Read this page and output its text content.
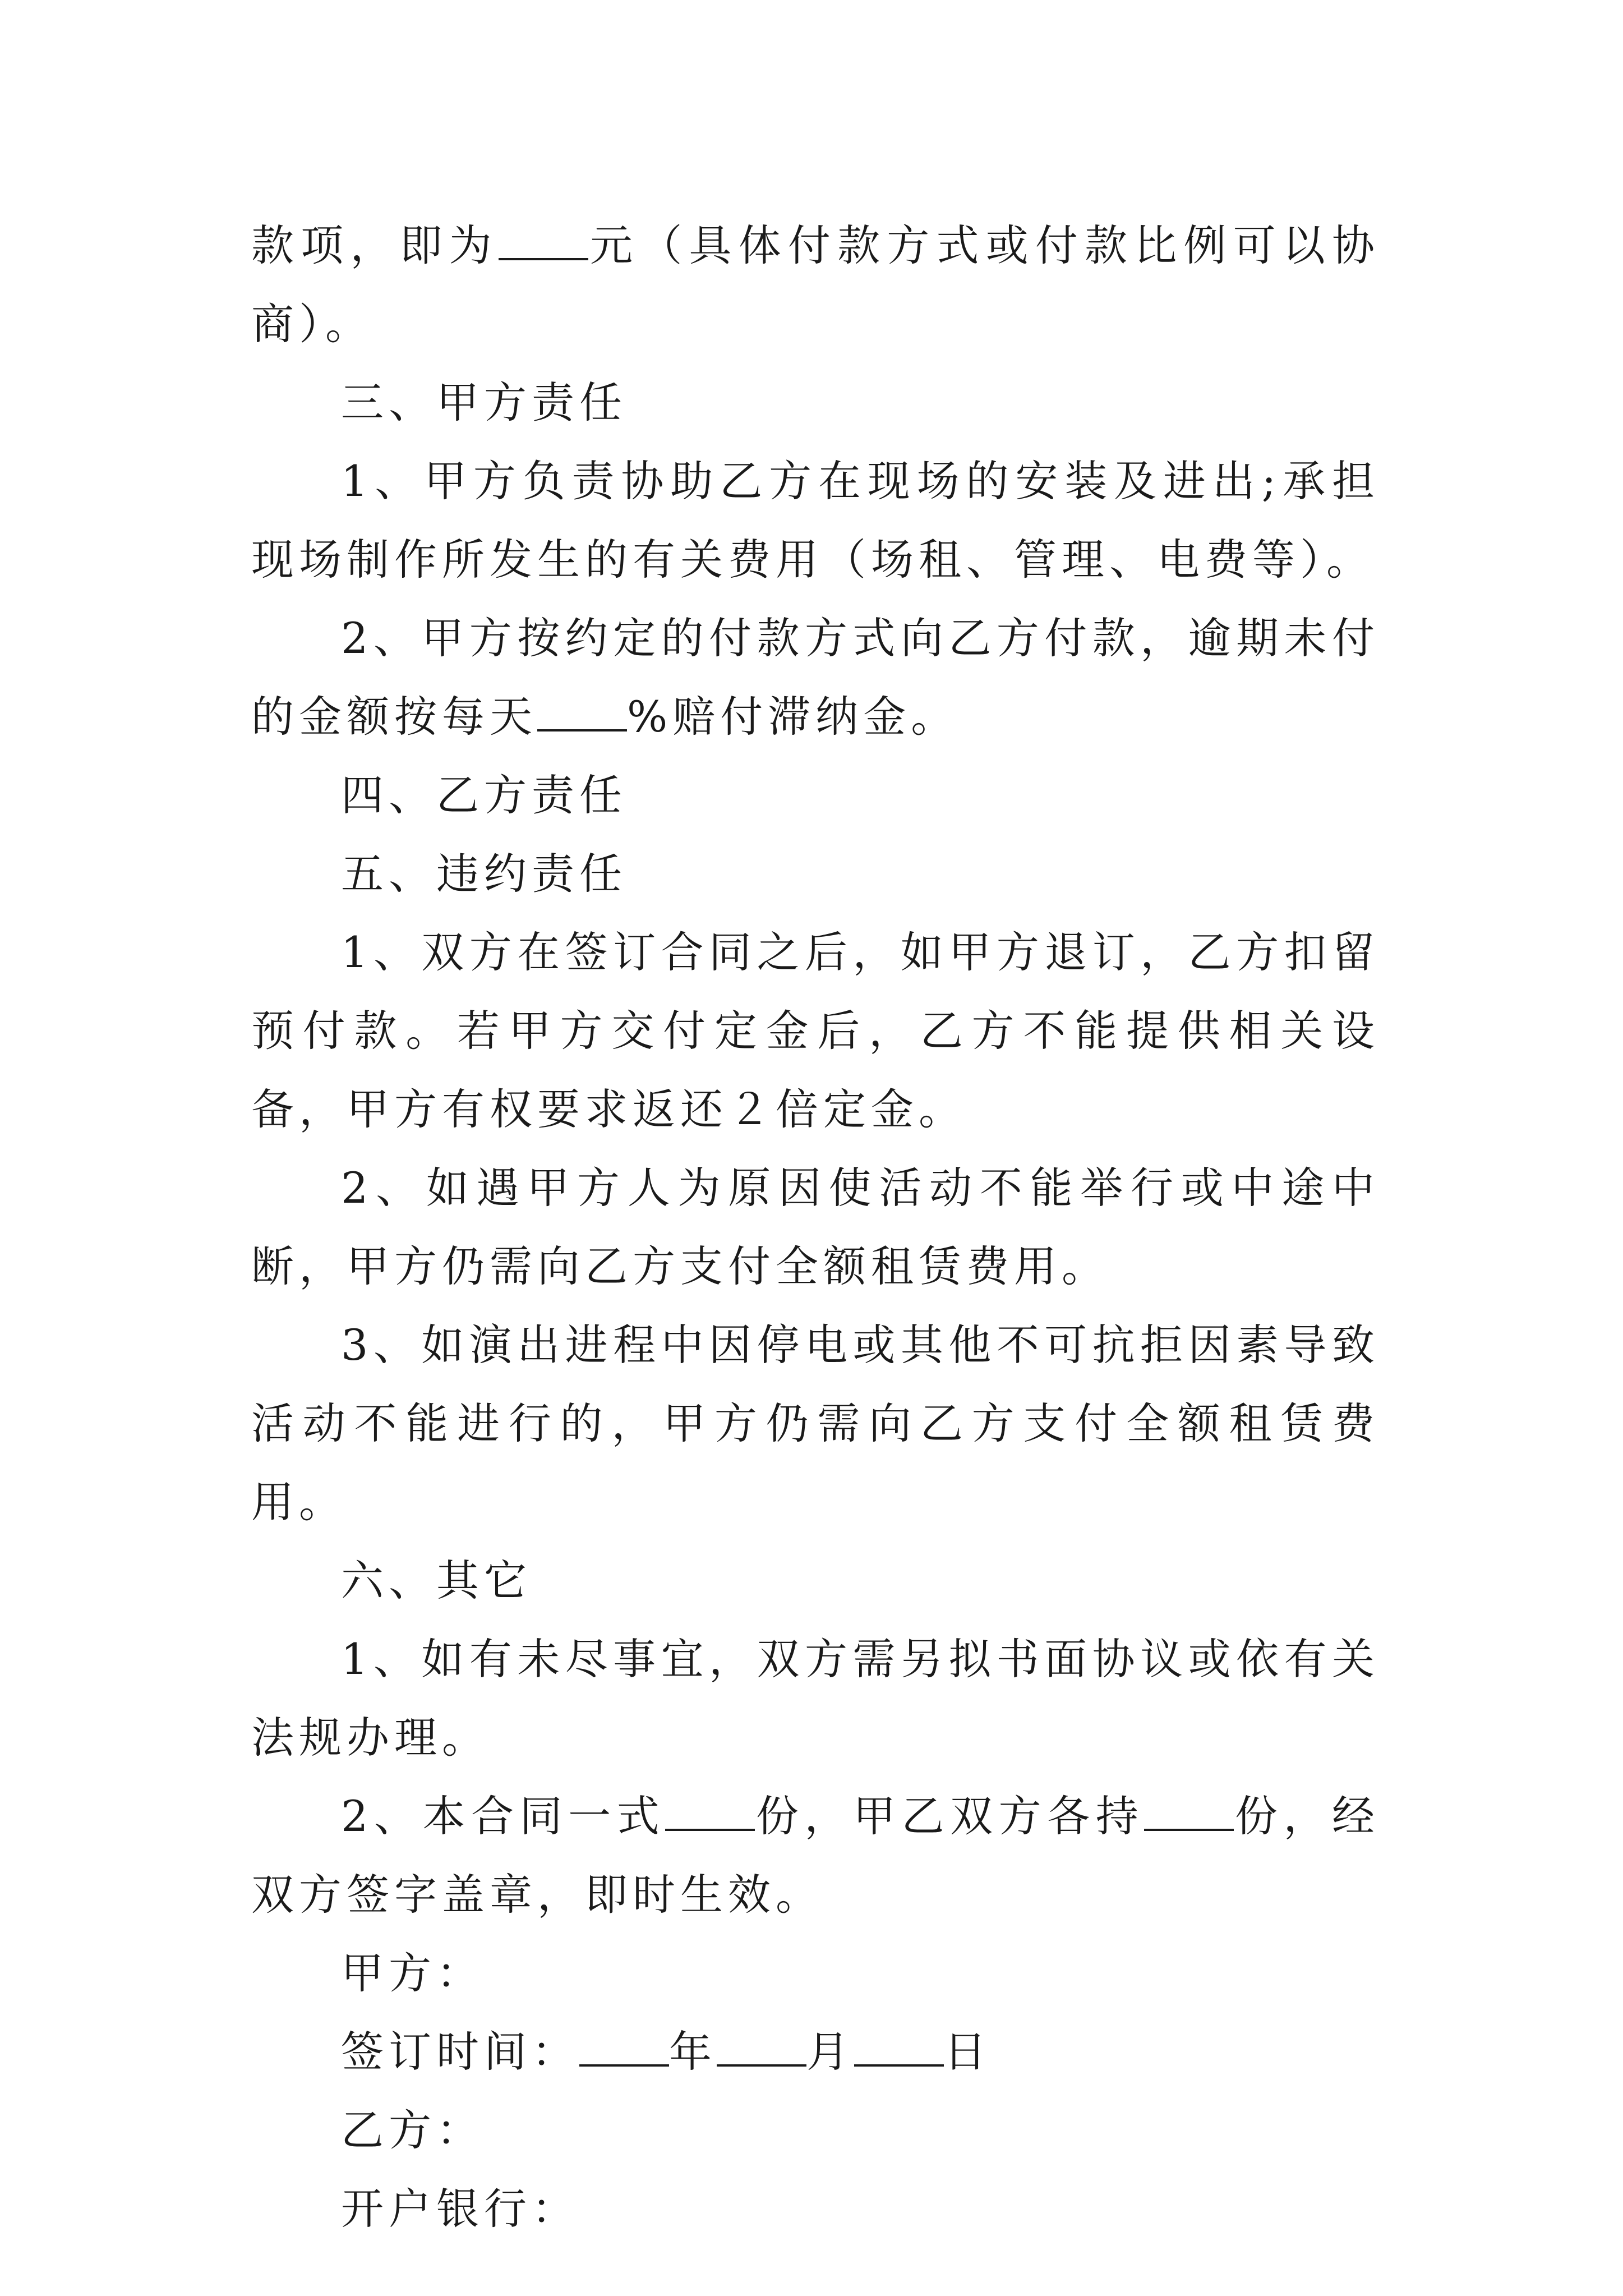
款项，即为 元（具体付款方式或付款比例可以协商）。

三、甲方责任

1、甲方负责协助乙方在现场的安装及进出;承担现场制作所发生的有关费用（场租、管理、电费等）。

2、甲方按约定的付款方式向乙方付款，逾期未付的金额按每天 %赔付滞纳金。

四、乙方责任

五、违约责任

1、双方在签订合同之后，如甲方退订，乙方扣留预付款。若甲方交付定金后，乙方不能提供相关设备，甲方有权要求返还２倍定金。

2、如遇甲方人为原因使活动不能举行或中途中断，甲方仍需向乙方支付全额租赁费用。

3、如演出进程中因停电或其他不可抗拒因素导致活动不能进行的，甲方仍需向乙方支付全额租赁费用。

六、其它

1、如有未尽事宜，双方需另拟书面协议或依有关法规办理。

2、本合同一式 份，甲乙双方各持 份，经双方签字盖章，即时生效。

甲方：

签订时间： 年 月 日

乙方：

开户银行：
